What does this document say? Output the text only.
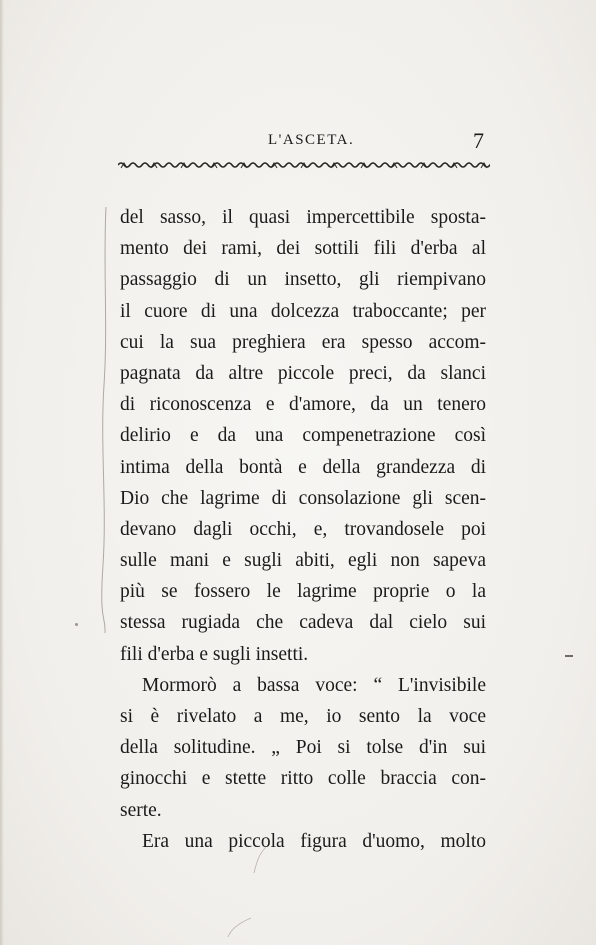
L'ASCETA.	7
del sasso, il quasi impercettibile sposta-
mento dei rami, dei sottili fili d'erba al
passaggio di un insetto, gli riempivano
il cuore di una dolcezza traboccante; per
cui la sua preghiera era spesso accom-
pagnata da altre piccole preci, da slanci
di riconoscenza e d'amore, da un tenero
delirio e da una compenetrazione così
intima della bontà e della grandezza di
Dio che lagrime di consolazione gli scen-
devano dagli occhi, e, trovandosele poi
sulle mani e sugli abiti, egli non sapeva
più se fossero le lagrime proprie o la
stessa rugiada che cadeva dal cielo sui
fili d'erba e sugli insetti.
Mormorò a bassa voce: “ L'invisibile
si è rivelato a me, io sento la voce
della solitudine. „ Poi si tolse d'in sui
ginocchi e stette ritto colle braccia con-
serte.
Era una piccola figura d'uomo, molto
